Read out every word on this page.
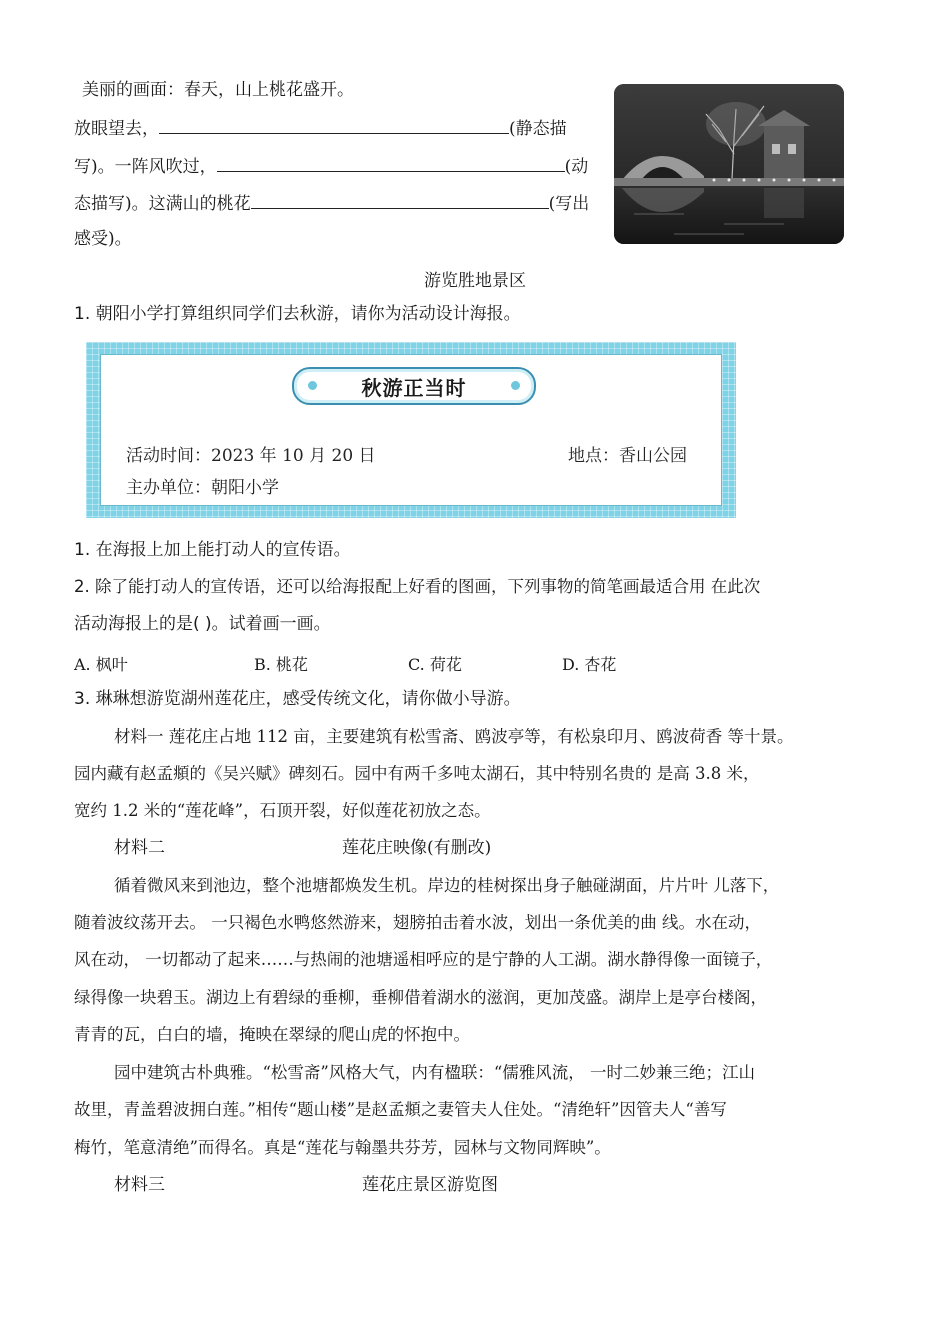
美丽的画面：春天，山上桃花盛开。
放眼望去，	(静态描
写)。一阵风吹过，	(动
态描写)。这满山的桃花	(写出
感受)。
游览胜地景区
1. 朝阳小学打算组织同学们去秋游，请你为活动设计海报。
秋游正当时
活动时间：2023 年 10 月 20 日	地点：香山公园
主办单位：朝阳小学
1. 在海报上加上能打动人的宣传语。
2. 除了能打动人的宣传语，还可以给海报配上好看的图画，下列事物的简笔画最适合用 在此次
活动海报上的是( )。试着画一画。
A. 枫叶	B. 桃花	C. 荷花	D. 杏花
3. 琳琳想游览湖州莲花庄，感受传统文化，请你做小导游。
材料一 莲花庄占地 112 亩，主要建筑有松雪斋、鸥波亭等，有松泉印月、鸥波荷香 等十景。
园内藏有赵孟頫的《吴兴赋》碑刻石。园中有两千多吨太湖石，其中特别名贵的 是高 3.8 米，
宽约 1.2 米的“莲花峰”，石顶开裂，好似莲花初放之态。
材料二	莲花庄映像(有删改)
循着微风来到池边，整个池塘都焕发生机。岸边的桂树探出身子触碰湖面，片片叶 儿落下，
随着波纹荡开去。 一只褐色水鸭悠然游来，翅膀拍击着水波，划出一条优美的曲 线。水在动，
风在动， 一切都动了起来……与热闹的池塘遥相呼应的是宁静的人工湖。湖水静得像一面镜子，
绿得像一块碧玉。湖边上有碧绿的垂柳，垂柳借着湖水的滋润，更加茂盛。湖岸上是亭台楼阁，
青青的瓦，白白的墙，掩映在翠绿的爬山虎的怀抱中。
园中建筑古朴典雅。“松雪斋”风格大气，内有楹联：“儒雅风流， 一时二妙兼三绝；江山
故里，青盖碧波拥白莲。”相传“题山楼”是赵孟頫之妻管夫人住处。“清绝轩”因管夫人“善写
梅竹，笔意清绝”而得名。真是“莲花与翰墨共芬芳，园林与文物同辉映”。
材料三	莲花庄景区游览图
